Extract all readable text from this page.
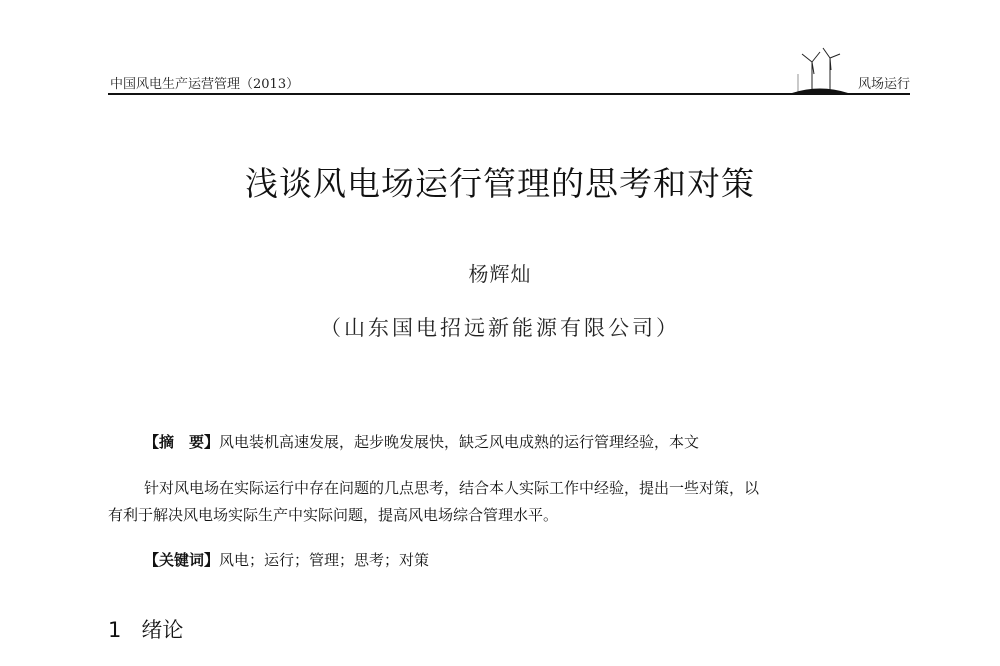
中国风电生产运营管理（2013）	风场运行
浅谈风电场运行管理的思考和对策
杨辉灿
（山东国电招远新能源有限公司）
【摘　要】风电装机高速发展，起步晚发展快，缺乏风电成熟的运行管理经验，本文
针对风电场在实际运行中存在问题的几点思考，结合本人实际工作中经验，提出一些对策，以
有利于解决风电场实际生产中实际问题，提高风电场综合管理水平。
【关键词】风电；运行；管理；思考；对策
1 绪论
